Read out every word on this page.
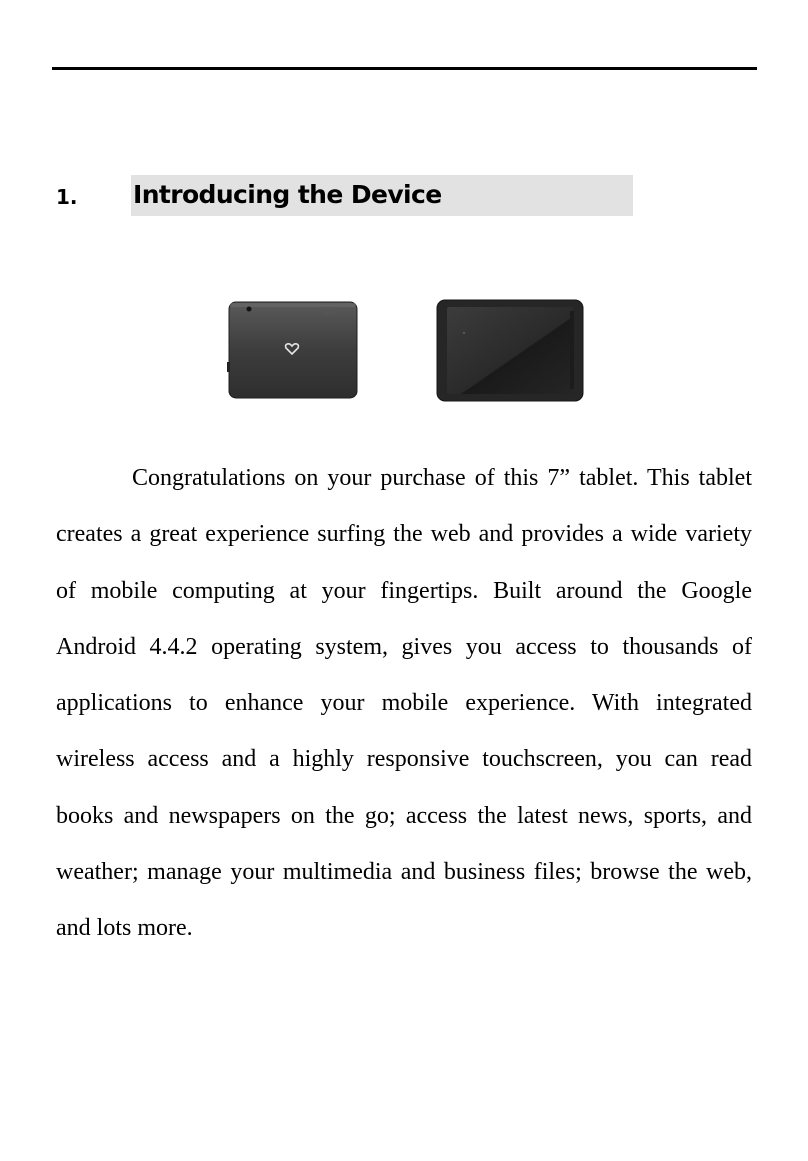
1. Introducing the Device

Congratulations on your purchase of this 7” tablet. This tablet creates a great experience surfing the web and provides a wide variety of mobile computing at your fingertips. Built around the Google Android 4.4.2 operating system, gives you access to thousands of applications to enhance your mobile experience. With integrated wireless access and a highly responsive touchscreen, you can read books and newspapers on the go; access the latest news, sports, and weather; manage your multimedia and business files; browse the web, and lots more.
